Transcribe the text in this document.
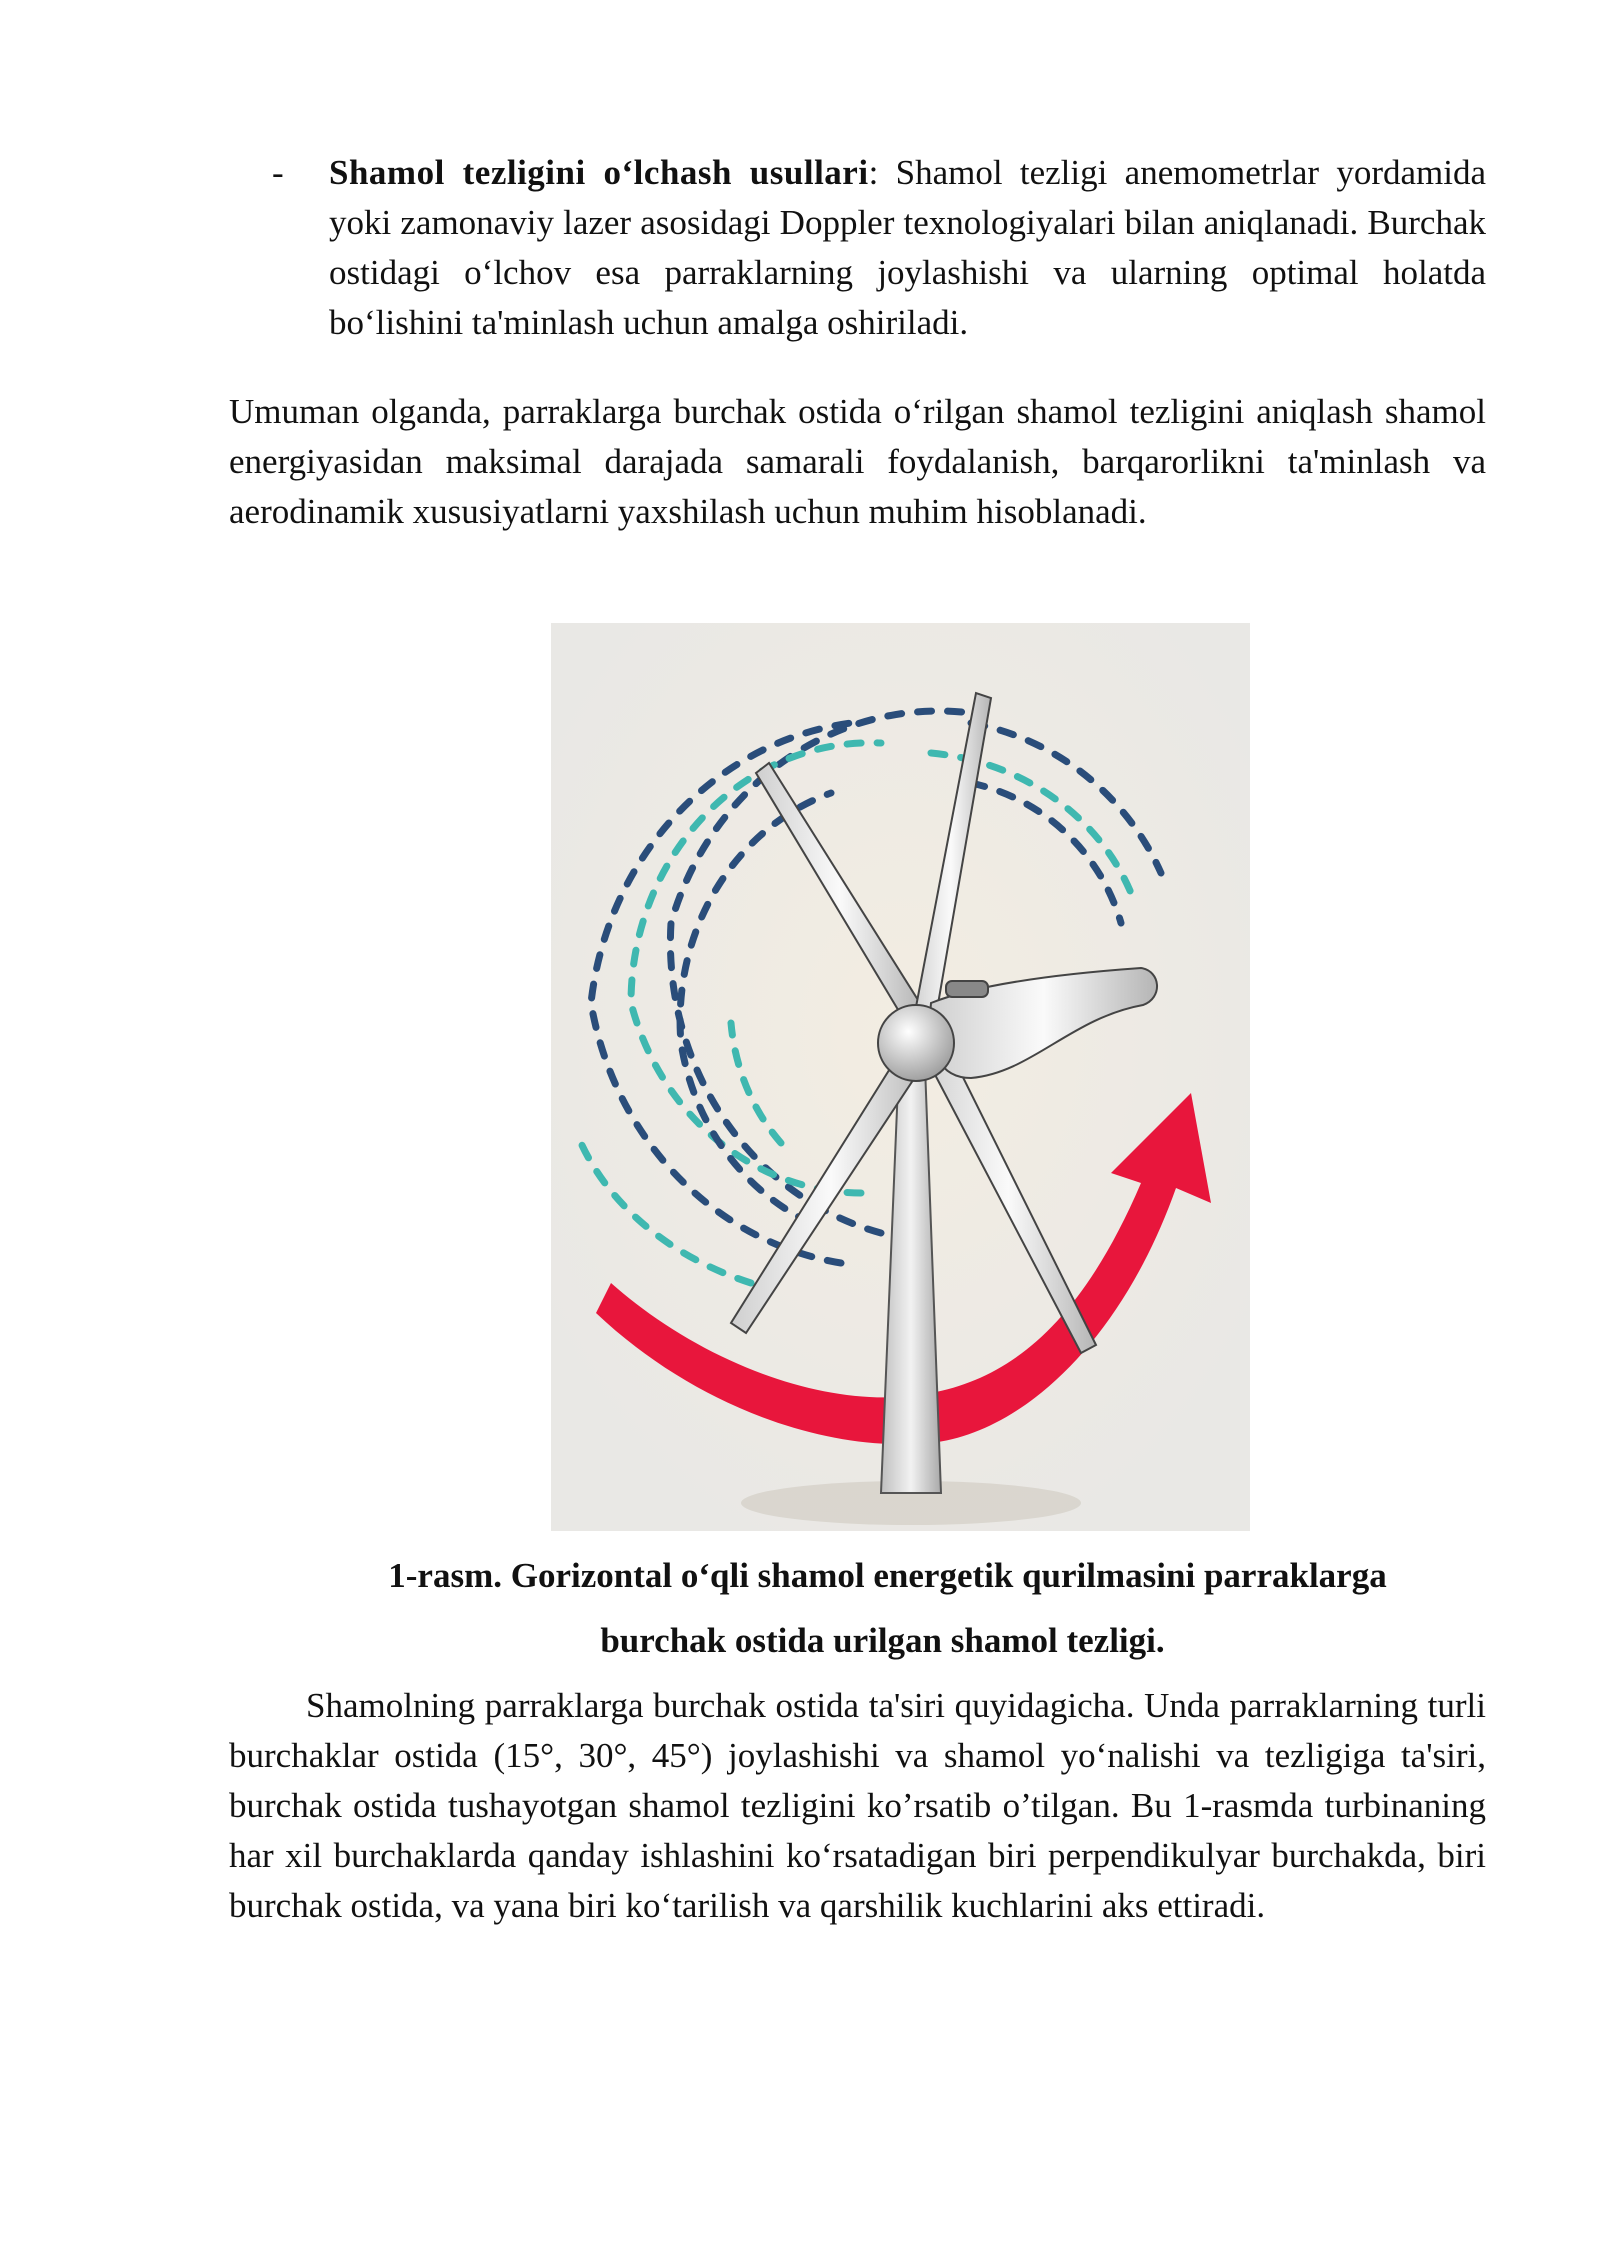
- Shamol tezligini o‘lchash usullari: Shamol tezligi anemometrlar yordamida yoki zamonaviy lazer asosidagi Doppler texnologiyalari bilan aniqlanadi. Burchak ostidagi o‘lchov esa parraklarning joylashishi va ularning optimal holatda bo‘lishini ta'minlash uchun amalga oshiriladi.

Umuman olganda, parraklarga burchak ostida o‘rilgan shamol tezligini aniqlash shamol energiyasidan maksimal darajada samarali foydalanish, barqarorlikni ta'minlash va aerodinamik xususiyatlarni yaxshilash uchun muhim hisoblanadi.

1-rasm. Gorizontal o‘qli shamol energetik qurilmasini parraklarga
burchak ostida urilgan shamol tezligi.

Shamolning parraklarga burchak ostida ta'siri quyidagicha. Unda parraklarning turli burchaklar ostida (15°, 30°, 45°) joylashishi va shamol yo‘nalishi va tezligiga ta'siri, burchak ostida tushayotgan shamol tezligini ko’rsatib o’tilgan. Bu 1-rasmda turbinaning har xil burchaklarda qanday ishlashini ko‘rsatadigan biri perpendikulyar burchakda, biri burchak ostida, va yana biri ko‘tarilish va qarshilik kuchlarini aks ettiradi.
